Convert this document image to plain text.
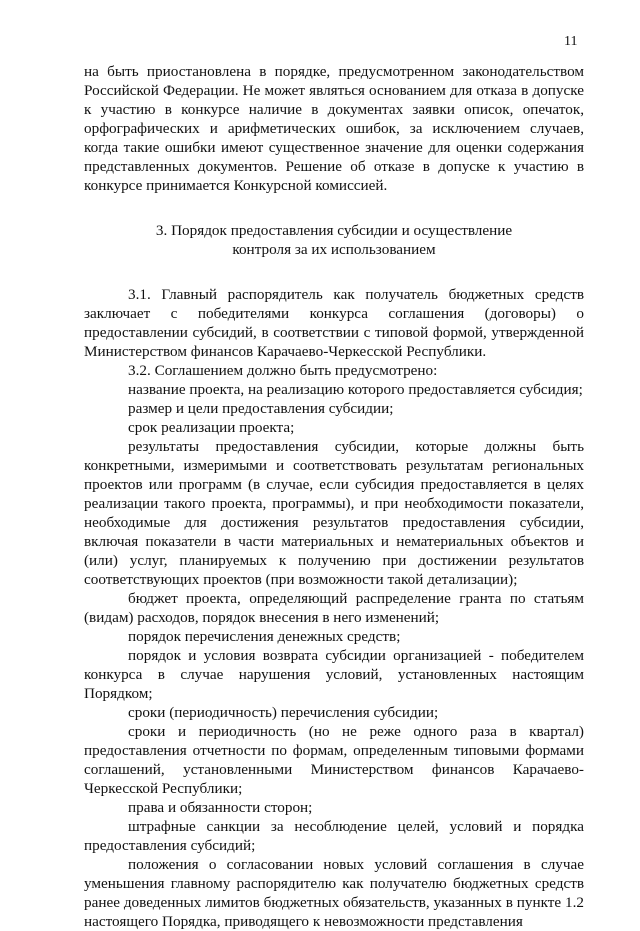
11

на быть приостановлена в порядке, предусмотренном законодательством Российской Федерации. Не может являться основанием для отказа в допуске к участию в конкурсе наличие в документах заявки описок, опечаток, орфографических и арифметических ошибок, за исключением случаев, когда такие ошибки имеют существенное значение для оценки содержания представленных документов. Решение об отказе в допуске к участию в конкурсе принимается Конкурсной комиссией.

3. Порядок предоставления субсидии и осуществление
контроля за их использованием

3.1. Главный распорядитель как получатель бюджетных средств заключает с победителями конкурса соглашения (договоры) о предоставлении субсидий, в соответствии с типовой формой, утвержденной Министерством финансов Карачаево-Черкесской Республики.

3.2. Соглашением должно быть предусмотрено:

название проекта, на реализацию которого предоставляется субсидия;

размер и цели предоставления субсидии;

срок реализации проекта;

результаты предоставления субсидии, которые должны быть конкретными, измеримыми и соответствовать результатам региональных проектов или программ (в случае, если субсидия предоставляется в целях реализации такого проекта, программы), и при необходимости показатели, необходимые для достижения результатов предоставления субсидии, включая показатели в части материальных и нематериальных объектов и (или) услуг, планируемых к получению при достижении результатов соответствующих проектов (при возможности такой детализации);

бюджет проекта, определяющий распределение гранта по статьям (видам) расходов, порядок внесения в него изменений;

порядок перечисления денежных средств;

порядок и условия возврата субсидии организацией - победителем конкурса в случае нарушения условий, установленных настоящим Порядком;

сроки (периодичность) перечисления субсидии;

сроки и периодичность (но не реже одного раза в квартал) предоставления отчетности по формам, определенным типовыми формами соглашений, установленными Министерством финансов Карачаево-Черкесской Республики;

права и обязанности сторон;

штрафные санкции за несоблюдение целей, условий и порядка предоставления субсидий;

положения о согласовании новых условий соглашения в случае уменьшения главному распорядителю как получателю бюджетных средств ранее доведенных лимитов бюджетных обязательств, указанных в пункте 1.2 настоящего Порядка, приводящего к невозможности представления
